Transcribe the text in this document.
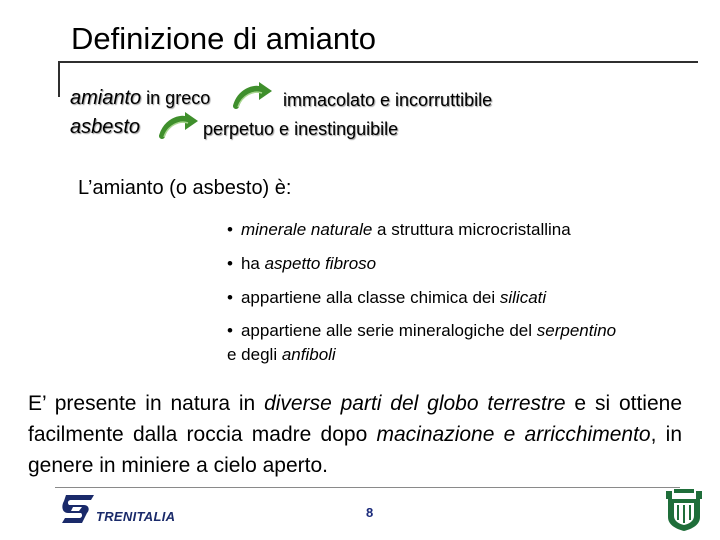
Definizione di amianto
amianto in greco	immacolato e incorruttibile
asbesto	perpetuo e inestinguibile
L’amianto (o asbesto) è:
• minerale naturale a struttura microcristallina
• ha aspetto fibroso
• appartiene alla classe chimica dei silicati
• appartiene alle serie mineralogiche del serpentino e degli anfiboli
E’ presente in natura in diverse parti del globo terrestre e si ottiene facilmente dalla roccia madre dopo macinazione e arricchimento, in genere in miniere a cielo aperto.
TRENITALIA	8
